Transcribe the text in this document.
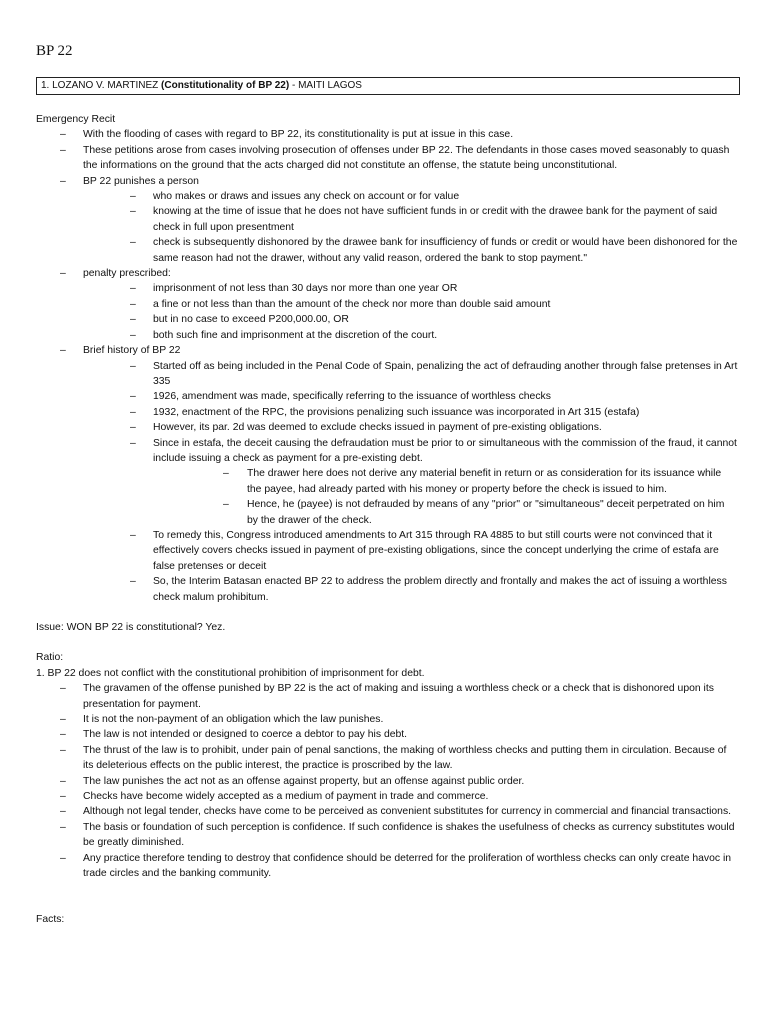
BP 22
1. LOZANO V. MARTINEZ (Constitutionality of BP 22) - MAITI LAGOS
Emergency Recit
– With the flooding of cases with regard to BP 22, its constitutionality is put at issue in this case.
– These petitions arose from cases involving prosecution of offenses under BP 22. The defendants in those cases moved seasonably to quash the informations on the ground that the acts charged did not constitute an offense, the statute being unconstitutional.
– BP 22 punishes a person
– who makes or draws and issues any check on account or for value
– knowing at the time of issue that he does not have sufficient funds in or credit with the drawee bank for the payment of said check in full upon presentment
– check is subsequently dishonored by the drawee bank for insufficiency of funds or credit or would have been dishonored for the same reason had not the drawer, without any valid reason, ordered the bank to stop payment."
– penalty prescribed:
– imprisonment of not less than 30 days nor more than one year OR
– a fine or not less than than the amount of the check nor more than double said amount
– but in no case to exceed P200,000.00, OR
– both such fine and imprisonment at the discretion of the court.
– Brief history of BP 22
– Started off as being included in the Penal Code of Spain, penalizing the act of defrauding another through false pretenses in Art 335
– 1926, amendment was made, specifically referring to the issuance of worthless checks
– 1932, enactment of the RPC, the provisions penalizing such issuance was incorporated in Art 315 (estafa)
– However, its par. 2d was deemed to exclude checks issued in payment of pre-existing obligations.
– Since in estafa, the deceit causing the defraudation must be prior to or simultaneous with the commission of the fraud, it cannot include issuing a check as payment for a pre-existing debt.
– The drawer here does not derive any material benefit in return or as consideration for its issuance while the payee, had already parted with his money or property before the check is issued to him.
– Hence, he (payee) is not defrauded by means of any "prior" or "simultaneous" deceit perpetrated on him by the drawer of the check.
– To remedy this, Congress introduced amendments to Art 315 through RA 4885 to but still courts were not convinced that it effectively covers checks issued in payment of pre-existing obligations, since the concept underlying the crime of estafa are false pretenses or deceit
– So, the Interim Batasan enacted BP 22 to address the problem directly and frontally and makes the act of issuing a worthless check malum prohibitum.
Issue: WON BP 22 is constitutional? Yez.
Ratio:
1. BP 22 does not conflict with the constitutional prohibition of imprisonment for debt.
– The gravamen of the offense punished by BP 22 is the act of making and issuing a worthless check or a check that is dishonored upon its presentation for payment.
– It is not the non-payment of an obligation which the law punishes.
– The law is not intended or designed to coerce a debtor to pay his debt.
– The thrust of the law is to prohibit, under pain of penal sanctions, the making of worthless checks and putting them in circulation. Because of its deleterious effects on the public interest, the practice is proscribed by the law.
– The law punishes the act not as an offense against property, but an offense against public order.
– Checks have become widely accepted as a medium of payment in trade and commerce.
– Although not legal tender, checks have come to be perceived as convenient substitutes for currency in commercial and financial transactions.
– The basis or foundation of such perception is confidence. If such confidence is shakes the usefulness of checks as currency substitutes would be greatly diminished.
– Any practice therefore tending to destroy that confidence should be deterred for the proliferation of worthless checks can only create havoc in trade circles and the banking community.
Facts:
